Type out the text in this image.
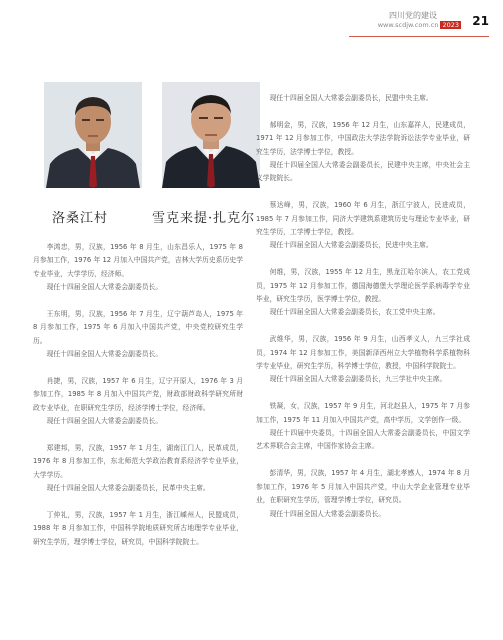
四川党的建设
www.scdjw.com.cn 2023 21
洛桑江村	雪克来提·扎克尔

李鸿忠，男，汉族，1956 年 8 月生，山东昌乐人，1975 年 8 月参加工作，1976 年 12 月加入中国共产党，吉林大学历史系历史学专业毕业，大学学历，经济师。

现任十四届全国人大常委会副委员长。

王东明，男，汉族，1956 年 7 月生，辽宁葫芦岛人，1975 年 8 月参加工作，1975 年 6 月加入中国共产党，中央党校研究生学历。

现任十四届全国人大常委会副委员长。

肖捷，男，汉族，1957 年 6 月生，辽宁开原人，1976 年 3 月参加工作，1985 年 8 月加入中国共产党，财政部财政科学研究所财政专业毕业，在职研究生学历，经济学博士学位，经济师。

现任十四届全国人大常委会副委员长。

郑建邦，男，汉族，1957 年 1 月生，湖南江门人，民革成员，1976 年 8 月参加工作，东北师范大学政治教育系经济学专业毕业，大学学历。

现任十四届全国人大常委会副委员长，民革中央主席。

丁仲礼，男，汉族，1957 年 1 月生，浙江嵊州人，民盟成员，1988 年 8 月参加工作，中国科学院地质研究所古地理学专业毕业，研究生学历，理学博士学位，研究员，中国科学院院士。

现任十四届全国人大常委会副委员长，民盟中央主席。

郝明金，男，汉族，1956 年 12 月生，山东嘉祥人，民建成员，1971 年 12 月参加工作，中国政法大学法学院诉讼法学专业毕业，研究生学历，法学博士学位，教授。

现任十四届全国人大常委会副委员长，民建中央主席，中央社会主义学院院长。

蔡达峰，男，汉族，1960 年 6 月生，浙江宁波人，民进成员，1985 年 7 月参加工作，同济大学建筑系建筑历史与理论专业毕业，研究生学历，工学博士学位，教授。

现任十四届全国人大常委会副委员长，民进中央主席。

何维，男，汉族，1955 年 12 月生，黑龙江哈尔滨人，农工党成员，1975 年 12 月参加工作，德国海德堡大学理论医学系病毒学专业毕业，研究生学历，医学博士学位，教授。

现任十四届全国人大常委会副委员长，农工党中央主席。

武维华，男，汉族，1956 年 9 月生，山西孝义人，九三学社成员，1974 年 12 月参加工作，美国新泽西州立大学植物科学系植物科学专业毕业，研究生学历，科学博士学位，教授，中国科学院院士。

现任十四届全国人大常委会副委员长，九三学社中央主席。

铁凝，女，汉族，1957 年 9 月生，河北赵县人，1975 年 7 月参加工作，1975 年 11 月加入中国共产党，高中学历，文学创作一级。

现任十四届中央委员，十四届全国人大常委会副委员长，中国文学艺术界联合会主席，中国作家协会主席。

彭清华，男，汉族，1957 年 4 月生，湖北孝感人，1974 年 8 月参加工作，1976 年 5 月加入中国共产党，中山大学企业管理专业毕业，在职研究生学历，管理学博士学位，研究员。

现任十四届全国人大常委会副委员长。
